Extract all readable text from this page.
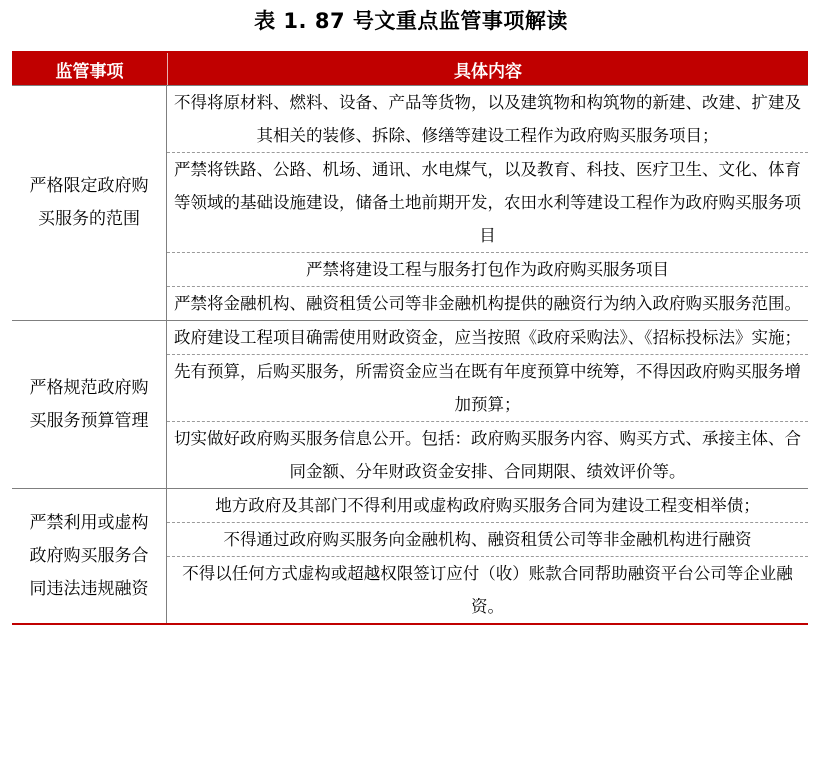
表 1. 87 号文重点监管事项解读
监管事项	具体内容
严格限定政府购买服务的范围
不得将原材料、燃料、设备、产品等货物，以及建筑物和构筑物的新建、改建、扩建及其相关的装修、拆除、修缮等建设工程作为政府购买服务项目；
严禁将铁路、公路、机场、通讯、水电煤气，以及教育、科技、医疗卫生、文化、体育等领域的基础设施建设，储备土地前期开发，农田水利等建设工程作为政府购买服务项目
严禁将建设工程与服务打包作为政府购买服务项目
严禁将金融机构、融资租赁公司等非金融机构提供的融资行为纳入政府购买服务范围。
严格规范政府购买服务预算管理
政府建设工程项目确需使用财政资金，应当按照《政府采购法》、《招标投标法》实施；
先有预算，后购买服务，所需资金应当在既有年度预算中统筹，不得因政府购买服务增加预算；
切实做好政府购买服务信息公开。包括：政府购买服务内容、购买方式、承接主体、合同金额、分年财政资金安排、合同期限、绩效评价等。
严禁利用或虚构政府购买服务合同违法违规融资
地方政府及其部门不得利用或虚构政府购买服务合同为建设工程变相举债；
不得通过政府购买服务向金融机构、融资租赁公司等非金融机构进行融资
不得以任何方式虚构或超越权限签订应付（收）账款合同帮助融资平台公司等企业融资。
